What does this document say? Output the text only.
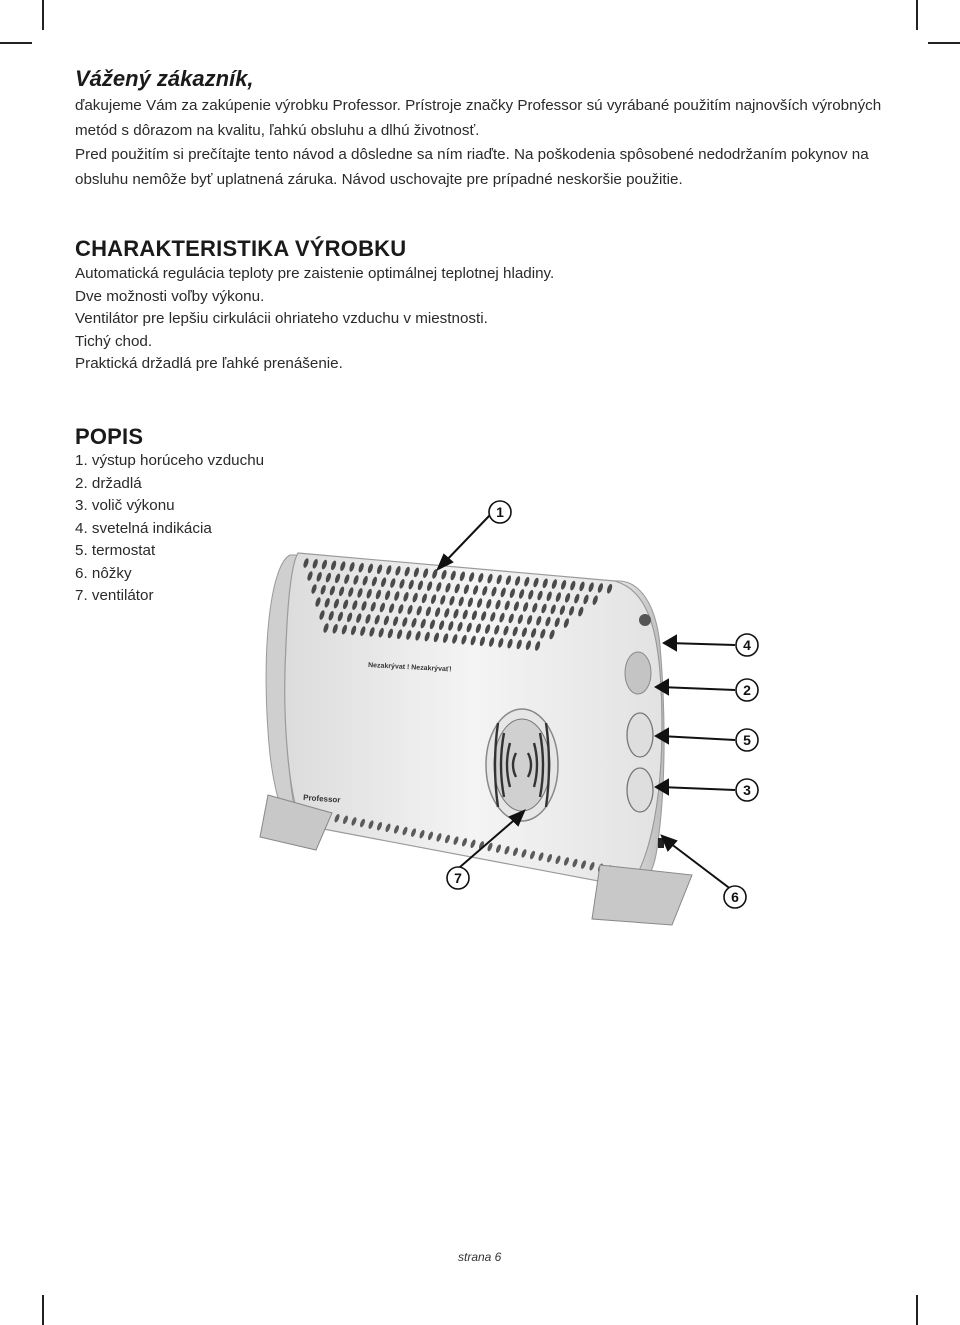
Vážený zákazník,

ďakujeme Vám za zakúpenie výrobku Professor. Prístroje značky Professor sú vyrábané použitím najnovších výrobných metód s dôrazom na kvalitu, ľahkú obsluhu a dlhú životnosť.

Pred použitím si prečítajte tento návod a dôsledne sa ním riaďte. Na poškodenia spôsobené nedodržaním pokynov na obsluhu nemôže byť uplatnená záruka. Návod uschovajte pre prípadné neskoršie použitie.

CHARAKTERISTIKA VÝROBKU
Automatická regulácia teploty pre zaistenie optimálnej teplotnej hladiny.
Dve možnosti voľby výkonu.
Ventilátor pre lepšiu cirkulácii ohriateho vzduchu v miestnosti.
Tichý chod.
Praktická držadlá pre ľahké prenášenie.
POPIS
1. výstup horúceho vzduchu
2. držadlá
3. volič výkonu
4. svetelná indikácia
5. termostat
6. nôžky
7. ventilátor
Nezakrývat ! Nezakrývať!
Professor
1
4
2
5
3
7
6
strana 6
